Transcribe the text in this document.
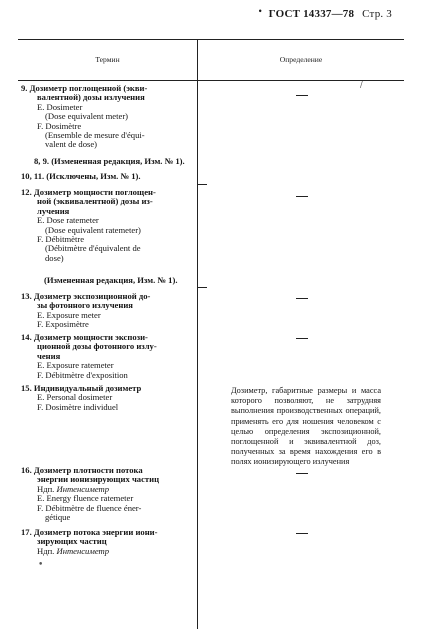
• ГОСТ 14337—78 Стр. 3
Термин	Определение
/
9. Дозиметр поглощенной (экви-
валентной) дозы излучения
E. Dosimeter
(Dose equivalent meter)
F. Dosimètre
(Ensemble de mesure d'équi-
valent de dose)
8, 9. (Измененная редакция, Изм. № 1).
10, 11. (Исключены, Изм. № 1).
12. Дозиметр мощности поглощен-
ной (эквивалентной) дозы из-
лучения
E. Dose ratemeter
(Dose equivalent ratemeter)
F. Débitmètre
(Débitmètre d'équivalent de
dose)
(Измененная редакция, Изм. № 1).
13. Дозиметр экспозиционной до-
зы фотонного излучения
E. Exposure meter
F. Exposimètre
14. Дозиметр мощности экспози-
ционной дозы фотонного излу-
чения
E. Exposure ratemeter
F. Débitmètre d'exposition
15. Индивидуальный дозиметр
E. Personal dosimeter
F. Dosimètre individuel
Дозиметр, габаритные размеры и масса которого позволяют, не затрудняя выполнения производственных операций, применять его для ношения человеком с целью определения экспозиционной, поглощенной и эквивалентной доз, полученных за время нахождения его в полях ионизирующего излучения
16. Дозиметр плотности потока
энергии ионизирующих частиц
Ндп. Интенсиметр
E. Energy fluence ratemeter
F. Débitmètre de fluence éner-
gétique
17. Дозиметр потока энергии иони-
зирующих частиц
Ндп. Интенсиметр
•
